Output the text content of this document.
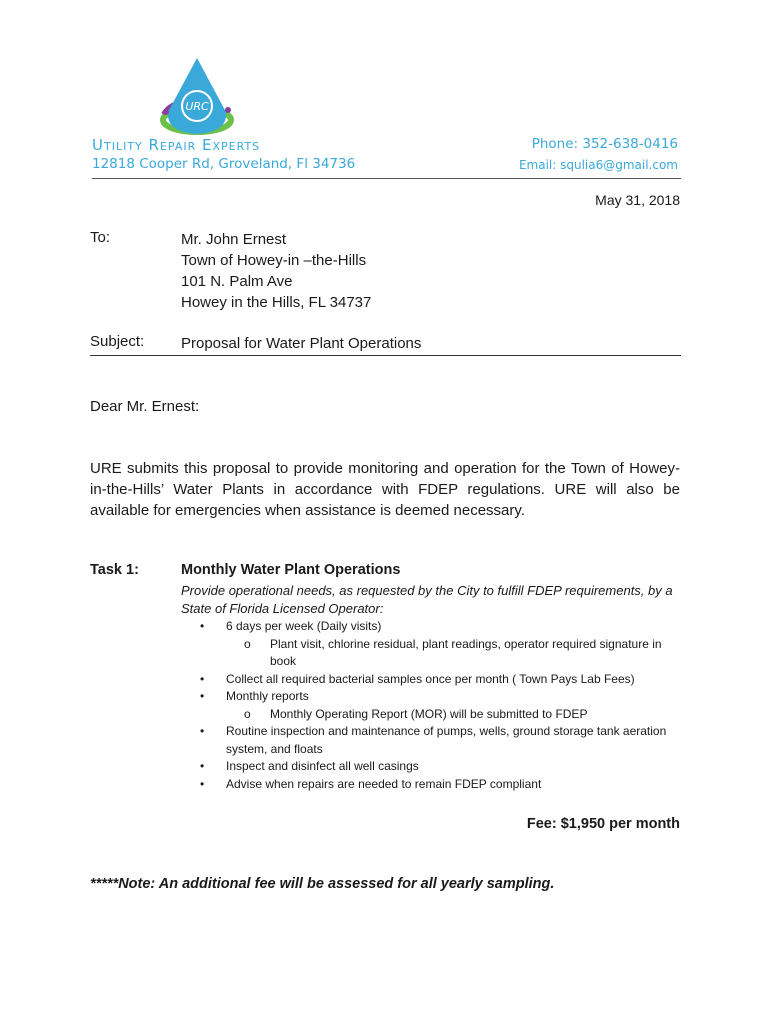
URC
Utility Repair Experts
12818 Cooper Rd, Groveland, Fl 34736
Phone: 352-638-0416
Email: squlia6@gmail.com
May 31, 2018
To:	Mr. John Ernest
Town of Howey-in –the-Hills
101 N. Palm Ave
Howey in the Hills, FL 34737
Subject: Proposal for Water Plant Operations
Dear Mr. Ernest:
URE submits this proposal to provide monitoring and operation for the Town of Howey-in-the-Hills’ Water Plants in accordance with FDEP regulations. URE will also be available for emergencies when assistance is deemed necessary.
Task 1:	Monthly Water Plant Operations
Provide operational needs, as requested by the City to fulfill FDEP requirements, by a State of Florida Licensed Operator:
•	6 days per week (Daily visits)
o	Plant visit, chlorine residual, plant readings, operator required signature in book
•	Collect all required bacterial samples once per month ( Town Pays Lab Fees)
•	Monthly reports
o	Monthly Operating Report (MOR) will be submitted to FDEP
•	Routine inspection and maintenance of pumps, wells, ground storage tank aeration system, and floats
•	Inspect and disinfect all well casings
•	Advise when repairs are needed to remain FDEP compliant
Fee: $1,950 per month
*****Note: An additional fee will be assessed for all yearly sampling.
